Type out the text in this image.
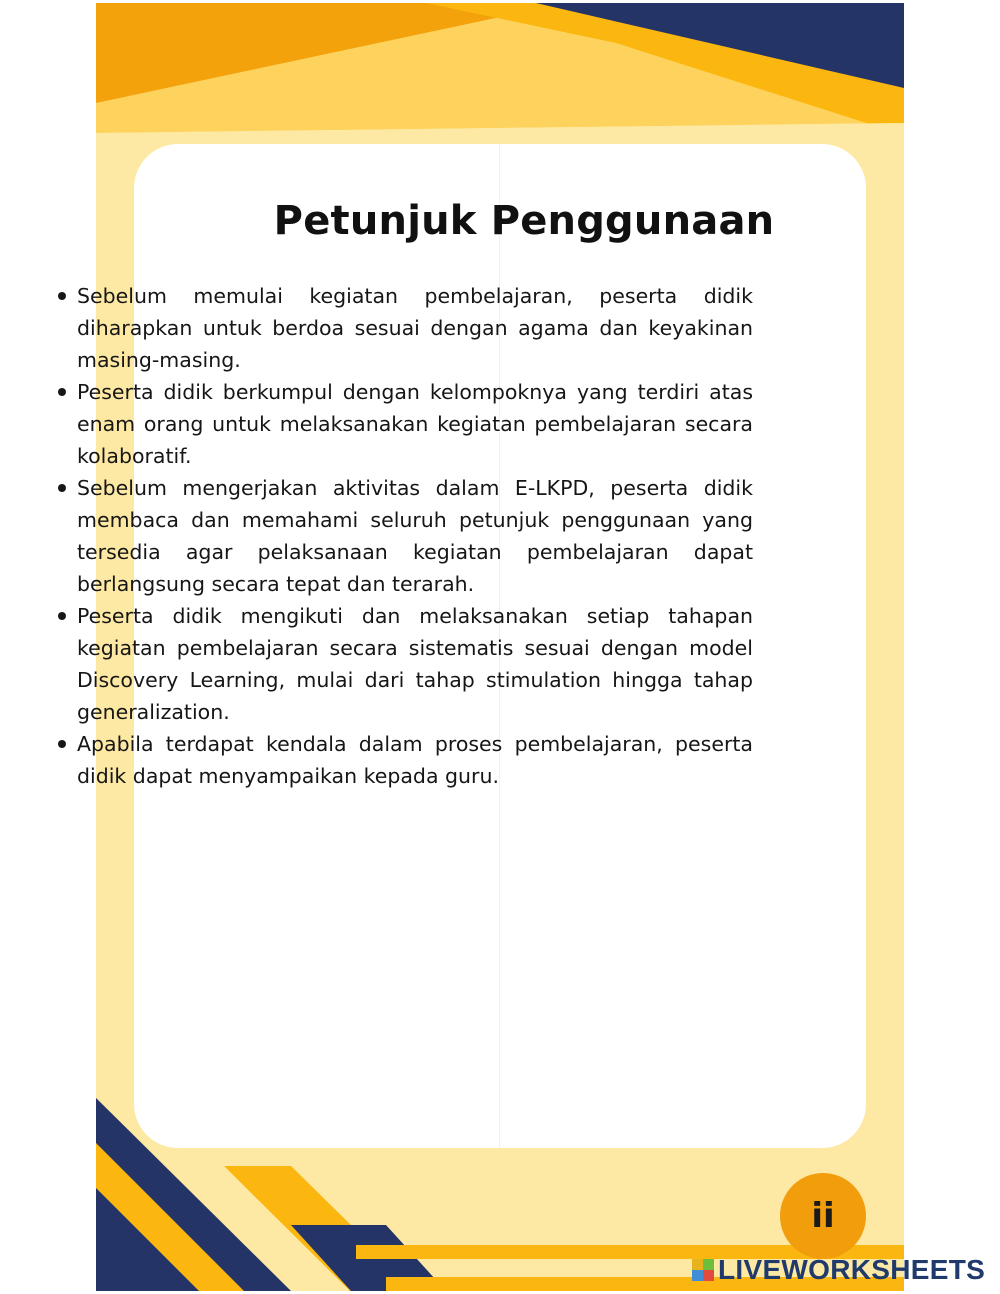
ii
Petunjuk Penggunaan
Sebelum memulai kegiatan pembelajaran, peserta didik diharapkan untuk berdoa sesuai dengan agama dan keyakinan masing-masing.
Peserta didik berkumpul dengan kelompoknya yang terdiri atas enam orang untuk melaksanakan kegiatan pembelajaran secara kolaboratif.
Sebelum mengerjakan aktivitas dalam E-LKPD, peserta didik membaca dan memahami seluruh petunjuk penggunaan yang tersedia agar pelaksanaan kegiatan pembelajaran dapat berlangsung secara tepat dan terarah.
Peserta didik mengikuti dan melaksanakan setiap tahapan kegiatan pembelajaran secara sistematis sesuai dengan model Discovery Learning, mulai dari tahap stimulation hingga tahap generalization.
Apabila terdapat kendala dalam proses pembelajaran, peserta didik dapat menyampaikan kepada guru.
LIVEWORKSHEETS
